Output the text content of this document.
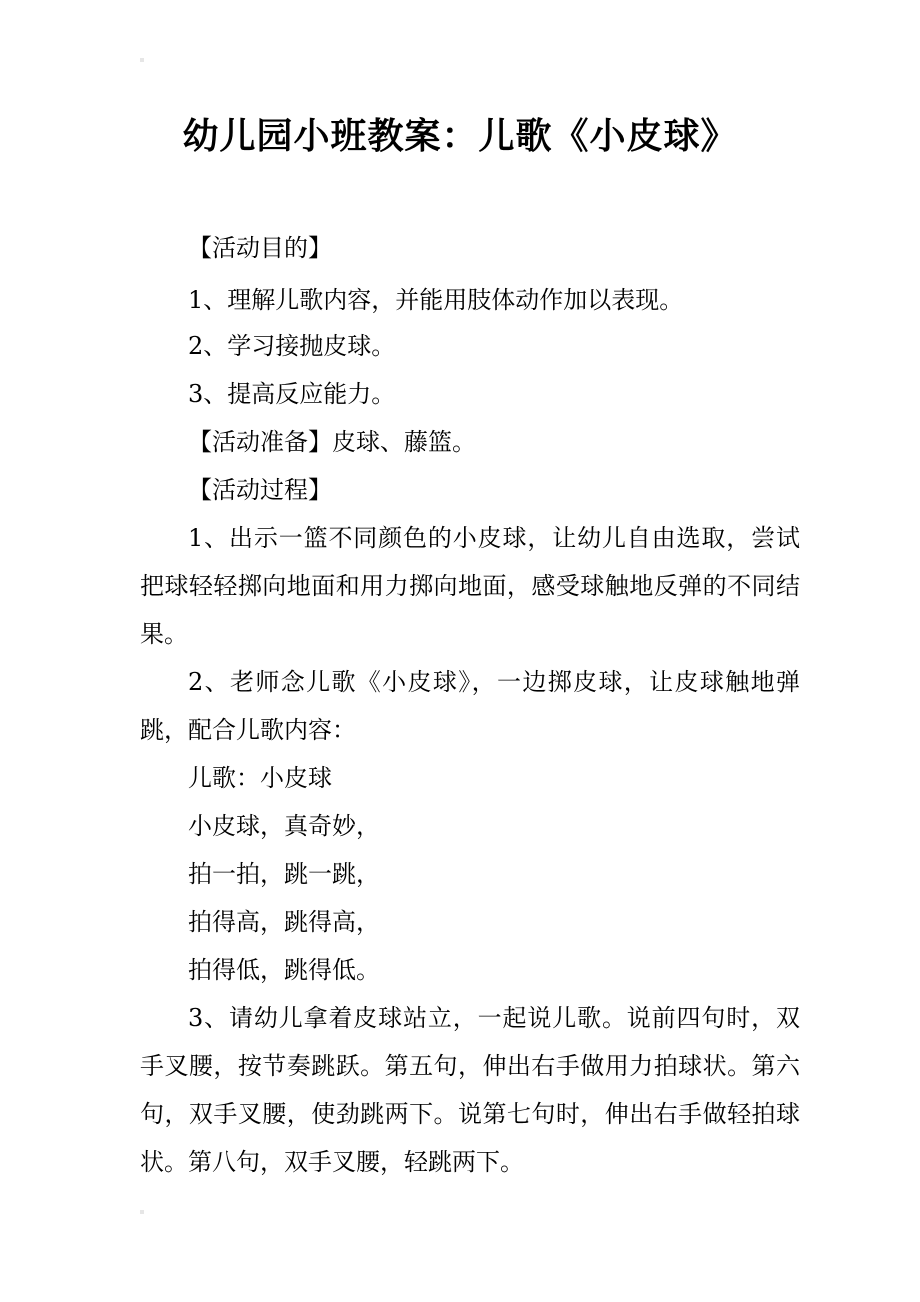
幼儿园小班教案：儿歌《小皮球》
【活动目的】
1、理解儿歌内容，并能用肢体动作加以表现。
2、学习接抛皮球。
3、提高反应能力。
【活动准备】皮球、藤篮。
【活动过程】
1、出示一篮不同颜色的小皮球，让幼儿自由选取，尝试把球轻轻掷向地面和用力掷向地面，感受球触地反弹的不同结果。
2、老师念儿歌《小皮球》，一边掷皮球，让皮球触地弹跳，配合儿歌内容：
儿歌：小皮球
小皮球，真奇妙，
拍一拍，跳一跳，
拍得高，跳得高，
拍得低，跳得低。
3、请幼儿拿着皮球站立，一起说儿歌。说前四句时，双手叉腰，按节奏跳跃。第五句，伸出右手做用力拍球状。第六句，双手叉腰，使劲跳两下。说第七句时，伸出右手做轻拍球状。第八句，双手叉腰，轻跳两下。
